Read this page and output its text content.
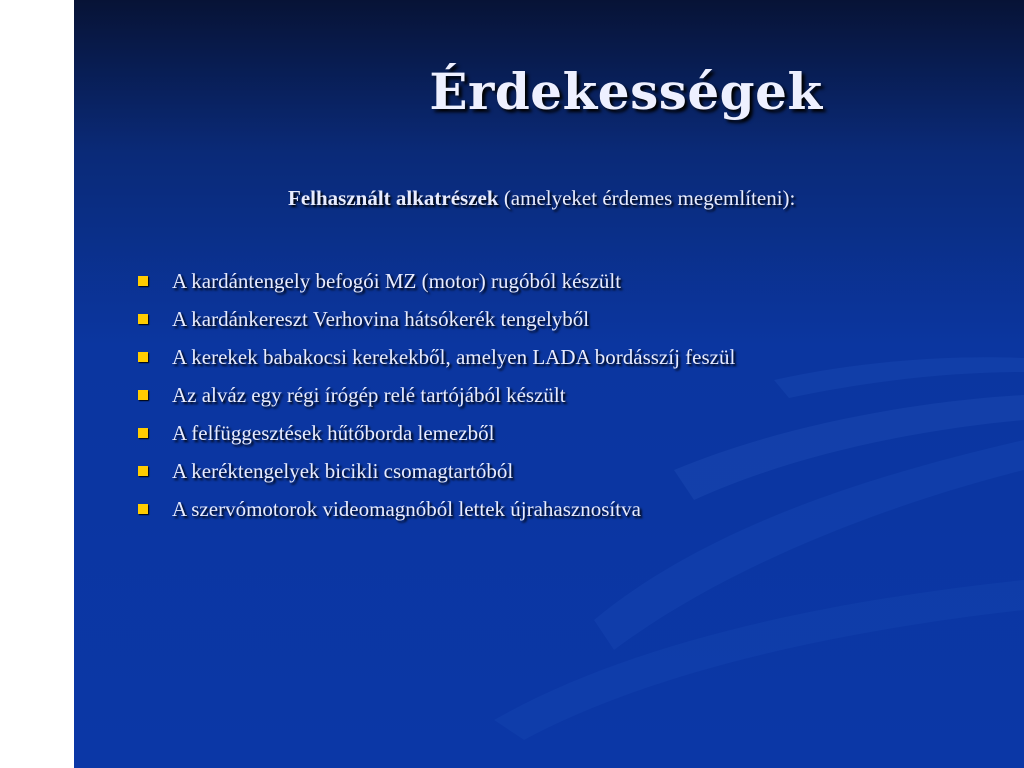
Érdekességek
Felhasznált alkatrészek (amelyeket érdemes megemlíteni):
A kardántengely befogói MZ (motor) rugóból készült
A kardánkereszt Verhovina hátsókerék tengelyből
A kerekek babakocsi kerekekből, amelyen LADA bordásszíj feszül
Az alváz egy régi írógép relé tartójából készült
A felfüggesztések hűtőborda lemezből
A keréktengelyek bicikli csomagtartóból
A szervómotorok videomagnóból lettek újrahasznosítva
